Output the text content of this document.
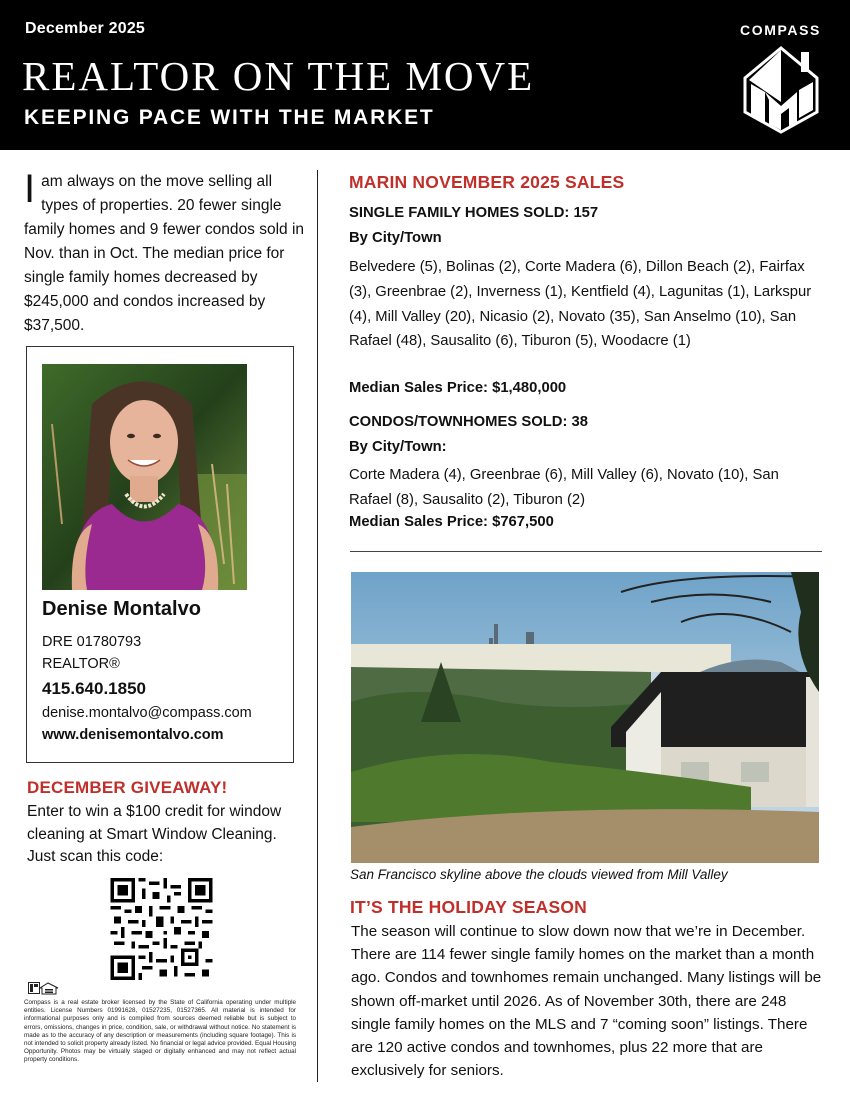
December 2025
REALTOR ON THE MOVE
KEEPING PACE WITH THE MARKET
COMPASS
Iam always on the move selling all types of properties. 20 fewer single family homes and 9 fewer condos sold in Nov. than in Oct. The median price for single family homes decreased by $245,000 and condos increased by $37,500.
Denise Montalvo
DRE 01780793
REALTOR®
415.640.1850
denise.montalvo@compass.com
www.denisemontalvo.com
DECEMBER GIVEAWAY!
Enter to win a $100 credit for window cleaning at Smart Window Cleaning. Just scan this code:
Compass is a real estate broker licensed by the State of California operating under multiple entities. License Numbers 01991628, 01527235, 01527365. All material is intended for informational purposes only and is compiled from sources deemed reliable but is subject to errors, omissions, changes in price, condition, sale, or withdrawal without notice. No statement is made as to the accuracy of any description or measurements (including square footage). This is not intended to solicit property already listed. No financial or legal advice provided. Equal Housing Opportunity. Photos may be virtually staged or digitally enhanced and may not reflect actual property conditions.
MARIN NOVEMBER 2025 SALES
SINGLE FAMILY HOMES SOLD: 157
By City/Town
Belvedere (5), Bolinas (2), Corte Madera (6), Dillon Beach (2), Fairfax (3), Greenbrae (2), Inverness (1), Kentfield (4), Lagunitas (1), Larkspur (4), Mill Valley (20), Nicasio (2), Novato (35), San Anselmo (10), San Rafael (48), Sausalito (6), Tiburon (5), Woodacre (1)
Median Sales Price: $1,480,000
CONDOS/TOWNHOMES SOLD: 38
By City/Town:
Corte Madera (4), Greenbrae (6), Mill Valley (6), Novato (10), San Rafael (8), Sausalito (2), Tiburon (2)
Median Sales Price: $767,500
San Francisco skyline above the clouds viewed from Mill Valley
IT’S THE HOLIDAY SEASON
The season will continue to slow down now that we’re in December. There are 114 fewer single family homes on the market than a month ago. Condos and townhomes remain unchanged. Many listings will be shown off-market until 2026. As of November 30th, there are 248 single family homes on the MLS and 7 “coming soon” listings. There are 120 active condos and townhomes, plus 22 more that are exclusively for seniors.
